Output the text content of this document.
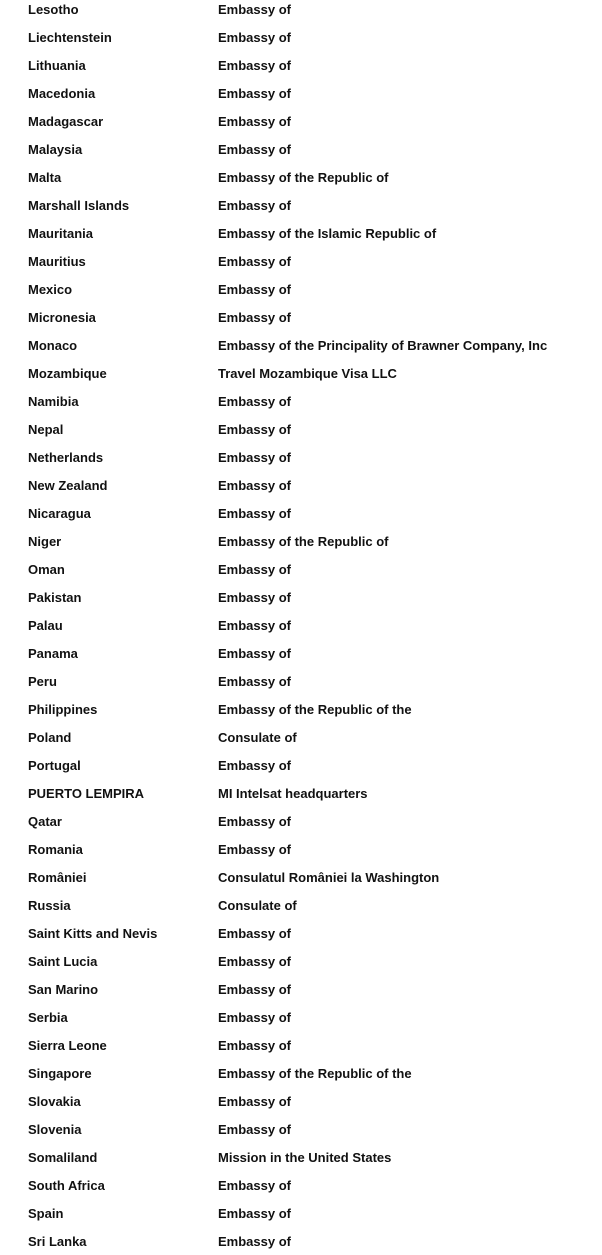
Lesotho	Embassy of
Liechtenstein	Embassy of
Lithuania	Embassy of
Macedonia	Embassy of
Madagascar	Embassy of
Malaysia	Embassy of
Malta	Embassy of the Republic of
Marshall Islands	Embassy of
Mauritania	Embassy of the Islamic Republic of
Mauritius	Embassy of
Mexico	Embassy of
Micronesia	Embassy of
Monaco	Embassy of the Principality of Brawner Company, Inc
Mozambique	Travel Mozambique Visa LLC
Namibia	Embassy of
Nepal	Embassy of
Netherlands	Embassy of
New Zealand	Embassy of
Nicaragua	Embassy of
Niger	Embassy of the Republic of
Oman	Embassy of
Pakistan	Embassy of
Palau	Embassy of
Panama	Embassy of
Peru	Embassy of
Philippines	Embassy of the Republic of the
Poland	Consulate of
Portugal	Embassy of
PUERTO LEMPIRA	MI Intelsat headquarters
Qatar	Embassy of
Romania	Embassy of
României	Consulatul României la Washington
Russia	Consulate of
Saint Kitts and Nevis	Embassy of
Saint Lucia	Embassy of
San Marino	Embassy of
Serbia	Embassy of
Sierra Leone	Embassy of
Singapore	Embassy of the Republic of the
Slovakia	Embassy of
Slovenia	Embassy of
Somaliland	Mission in the United States
South Africa	Embassy of
Spain	Embassy of
Sri Lanka	Embassy of
